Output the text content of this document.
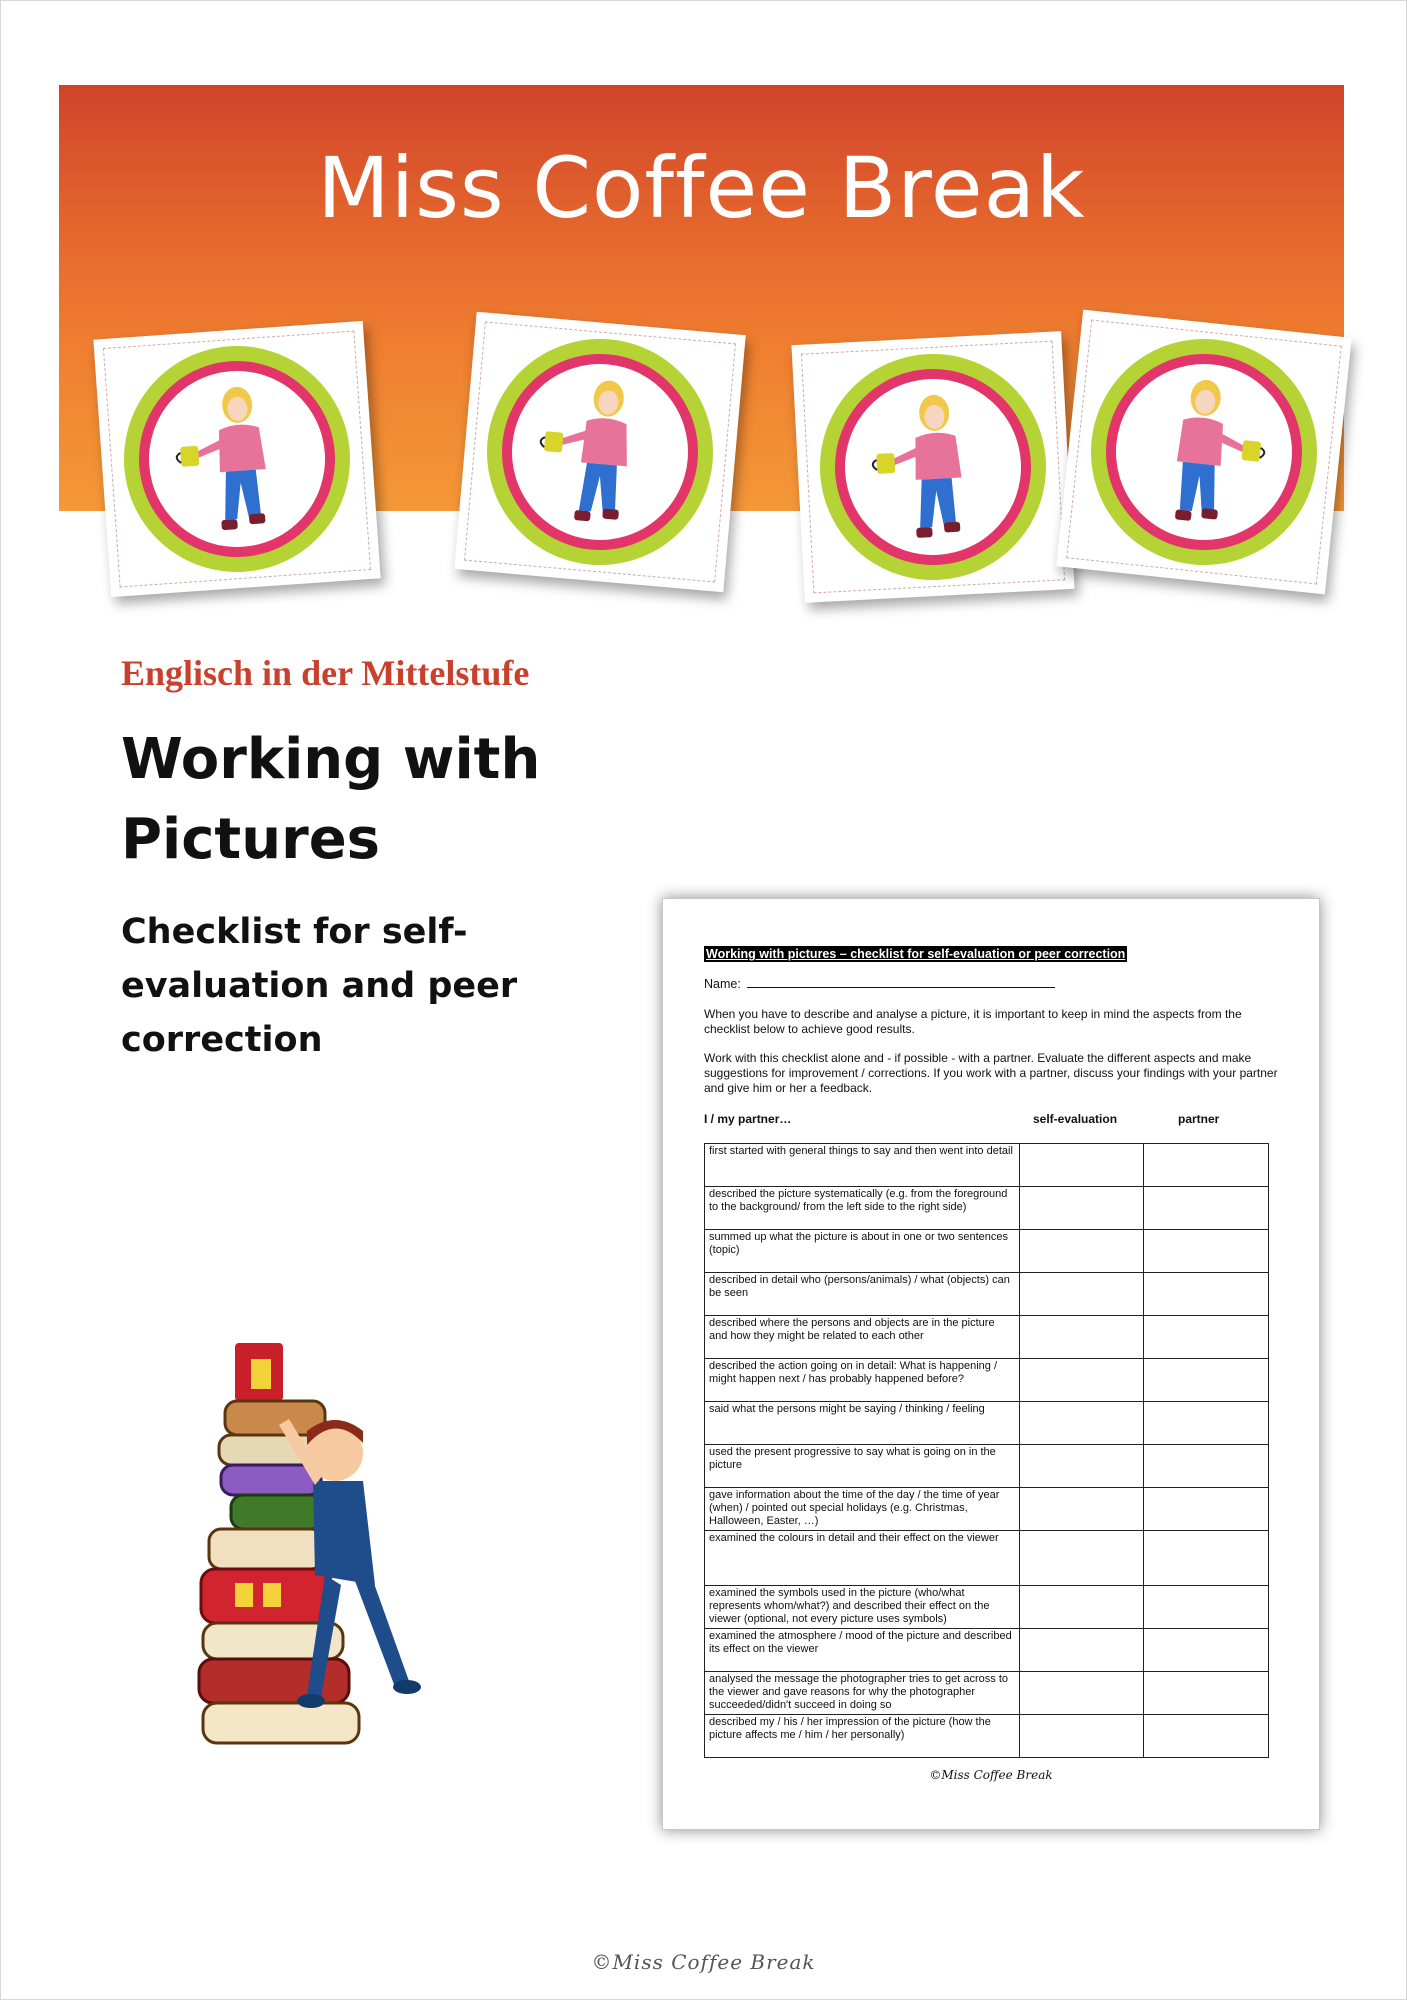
Miss Coffee Break
Englisch in der Mittelstufe
Working with Pictures
Checklist for self-evaluation and peer correction
Working with pictures – checklist for self-evaluation or peer correction
Name:
When you have to describe and analyse a picture, it is important to keep in mind the aspects from the checklist below to achieve good results.
Work with this checklist alone and - if possible - with a partner. Evaluate the different aspects and make suggestions for improvement / corrections. If you work with a partner, discuss your findings with your partner and give him or her a feedback.
I / my partner…	self-evaluation	partner
first started with general things to say and then went into detail		
described the picture systematically (e.g. from the foreground to the background/ from the left side to the right side)		
summed up what the picture is about in one or two sentences (topic)		
described in detail who (persons/animals) / what (objects) can be seen		
described where the persons and objects are in the picture and how they might be related to each other		
described the action going on in detail: What is happening / might happen next / has probably happened before?		
said what the persons might be saying / thinking / feeling		
used the present progressive to say what is going on in the picture		
gave information about the time of the day / the time of year (when) / pointed out special holidays (e.g. Christmas, Halloween, Easter, …)		
examined the colours in detail and their effect on the viewer		
examined the symbols used in the picture (who/what represents whom/what?) and described their effect on the viewer (optional, not every picture uses symbols)		
examined the atmosphere / mood of the picture and described its effect on the viewer		
analysed the message the photographer tries to get across to the viewer and gave reasons for why the photographer succeeded/didn't succeed in doing so		
described my / his / her impression of the picture (how the picture affects me / him / her personally)		
©Miss Coffee Break
©Miss Coffee Break
